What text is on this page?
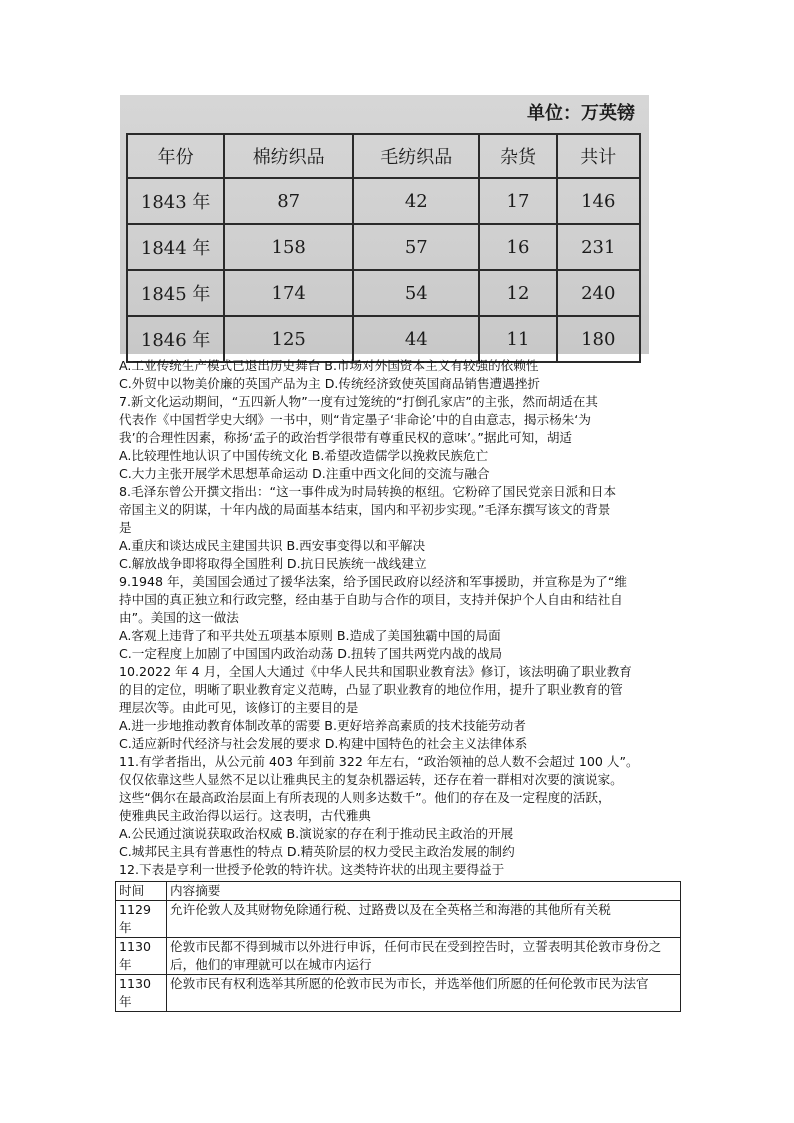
单位：万英镑
年份	棉纺织品	毛纺织品	杂货	共计
1843 年	87	42	17	146
1844 年	158	57	16	231
1845 年	174	54	12	240
1846 年	125	44	11	180
A.工业传统生产模式已退出历史舞台 B.市场对外国资本主义有较强的依赖性
C.外贸中以物美价廉的英国产品为主 D.传统经济致使英国商品销售遭遇挫折
7.新文化运动期间，“五四新人物”一度有过笼统的“打倒孔家店”的主张，然而胡适在其
代表作《中国哲学史大纲》一书中，则“肯定墨子‘非命论’中的自由意志，揭示杨朱‘为
我’的合理性因素，称扬‘孟子的政治哲学很带有尊重民权的意味’。”据此可知，胡适
A.比较理性地认识了中国传统文化 B.希望改造儒学以挽救民族危亡
C.大力主张开展学术思想革命运动 D.注重中西文化间的交流与融合
8.毛泽东曾公开撰文指出：“这一事件成为时局转换的枢纽。它粉碎了国民党亲日派和日本
帝国主义的阴谋，十年内战的局面基本结束，国内和平初步实现。”毛泽东撰写该文的背景
是
A.重庆和谈达成民主建国共识 B.西安事变得以和平解决
C.解放战争即将取得全国胜利 D.抗日民族统一战线建立
9.1948 年，美国国会通过了援华法案，给予国民政府以经济和军事援助，并宣称是为了“维
持中国的真正独立和行政完整，经由基于自助与合作的项目，支持并保护个人自由和结社自
由”。美国的这一做法
A.客观上违背了和平共处五项基本原则 B.造成了美国独霸中国的局面
C.一定程度上加剧了中国国内政治动荡 D.扭转了国共两党内战的战局
10.2022 年 4 月，全国人大通过《中华人民共和国职业教育法》修订，该法明确了职业教育
的目的定位，明晰了职业教育定义范畴，凸显了职业教育的地位作用，提升了职业教育的管
理层次等。由此可见，该修订的主要目的是
A.进一步地推动教育体制改革的需要 B.更好培养高素质的技术技能劳动者
C.适应新时代经济与社会发展的要求 D.构建中国特色的社会主义法律体系
11.有学者指出，从公元前 403 年到前 322 年左右，“政治领袖的总人数不会超过 100 人”。
仅仅依靠这些人显然不足以让雅典民主的复杂机器运转，还存在着一群相对次要的演说家。
这些“偶尔在最高政治层面上有所表现的人则多达数千”。他们的存在及一定程度的活跃，
使雅典民主政治得以运行。这表明，古代雅典
A.公民通过演说获取政治权威 B.演说家的存在利于推动民主政治的开展
C.城邦民主具有普惠性的特点 D.精英阶层的权力受民主政治发展的制约
12.下表是亨利一世授予伦敦的特许状。这类特许状的出现主要得益于
时间	内容摘要
1129 年	允许伦敦人及其财物免除通行税、过路费以及在全英格兰和海港的其他所有关税
1130 年	伦敦市民都不得到城市以外进行申诉，任何市民在受到控告时，立誓表明其伦敦市身份之后，他们的审理就可以在城市内运行
1130 年	伦敦市民有权利选举其所愿的伦敦市民为市长，并选举他们所愿的任何伦敦市民为法官
